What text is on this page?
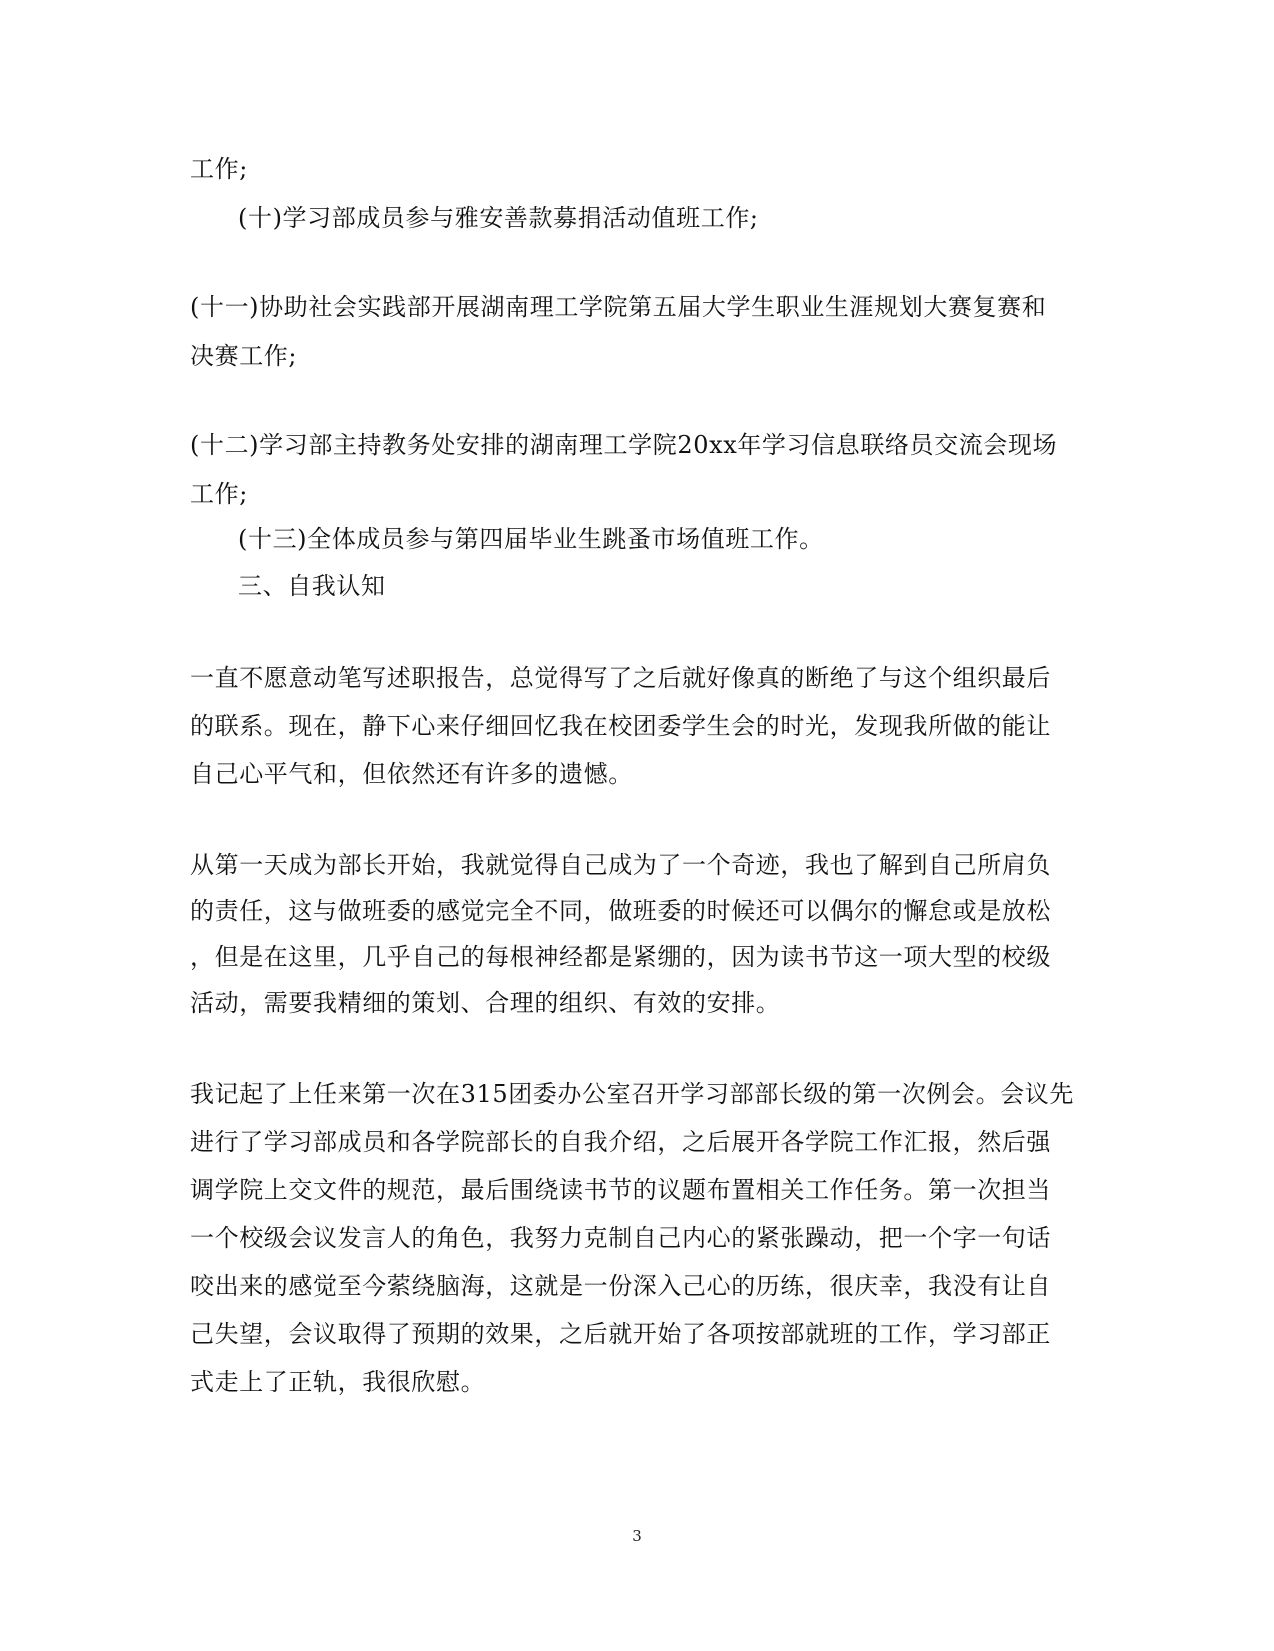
工作;
(十)学习部成员参与雅安善款募捐活动值班工作;
(十一)协助社会实践部开展湖南理工学院第五届大学生职业生涯规划大赛复赛和
决赛工作;
(十二)学习部主持教务处安排的湖南理工学院20xx年学习信息联络员交流会现场
工作;
(十三)全体成员参与第四届毕业生跳蚤市场值班工作。
三、自我认知
一直不愿意动笔写述职报告，总觉得写了之后就好像真的断绝了与这个组织最后
的联系。现在，静下心来仔细回忆我在校团委学生会的时光，发现我所做的能让
自己心平气和，但依然还有许多的遗憾。
从第一天成为部长开始，我就觉得自己成为了一个奇迹，我也了解到自己所肩负
的责任，这与做班委的感觉完全不同，做班委的时候还可以偶尔的懈怠或是放松
，但是在这里，几乎自己的每根神经都是紧绷的，因为读书节这一项大型的校级
活动，需要我精细的策划、合理的组织、有效的安排。
我记起了上任来第一次在315团委办公室召开学习部部长级的第一次例会。会议先
进行了学习部成员和各学院部长的自我介绍，之后展开各学院工作汇报，然后强
调学院上交文件的规范，最后围绕读书节的议题布置相关工作任务。第一次担当
一个校级会议发言人的角色，我努力克制自己内心的紧张躁动，把一个字一句话
咬出来的感觉至今萦绕脑海，这就是一份深入己心的历练，很庆幸，我没有让自
己失望，会议取得了预期的效果，之后就开始了各项按部就班的工作，学习部正
式走上了正轨，我很欣慰。
3
